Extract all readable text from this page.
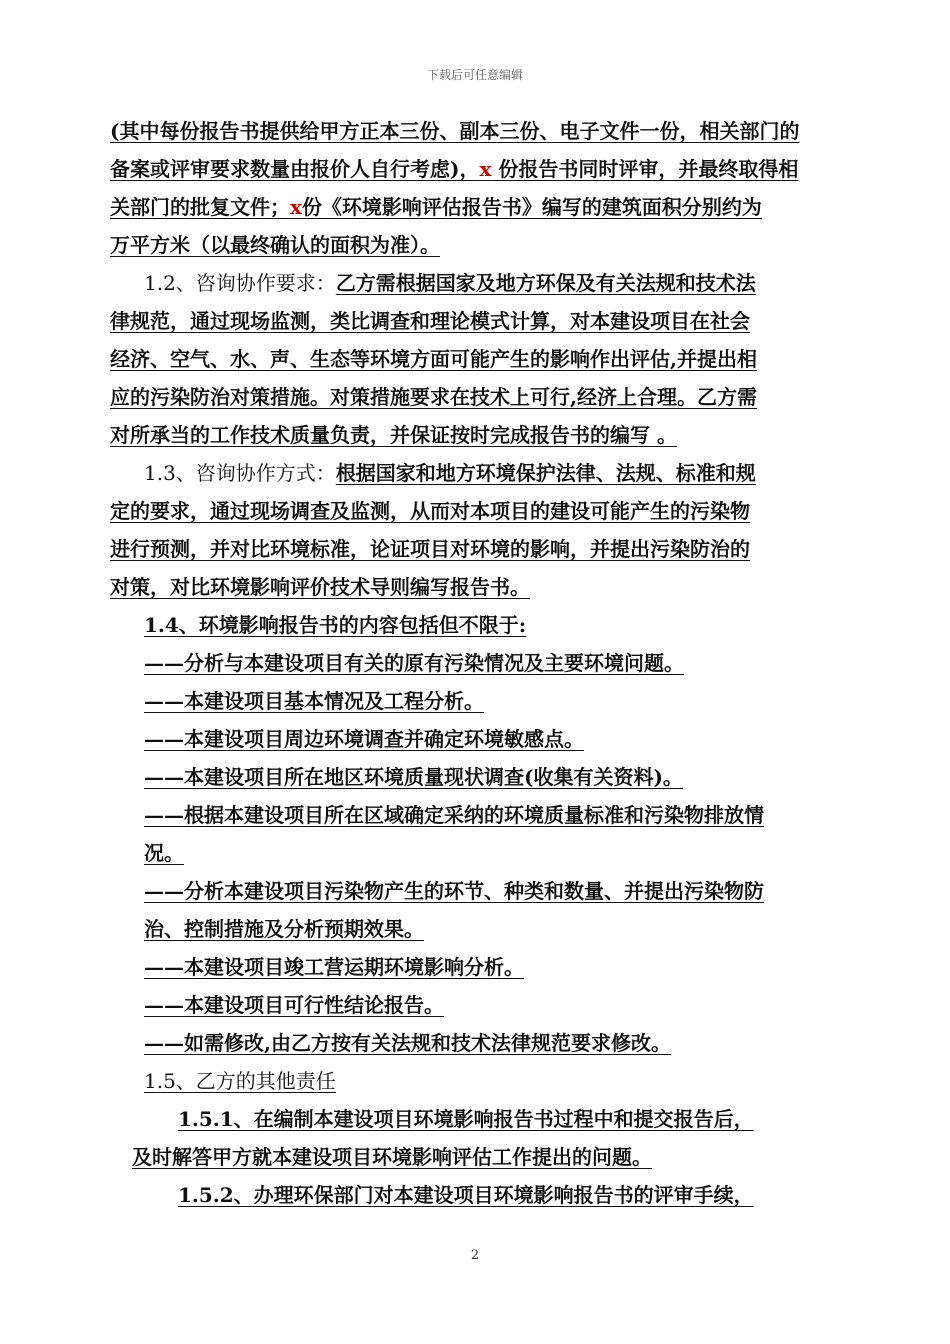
下载后可任意编辑
(其中每份报告书提供给甲方正本三份、副本三份、电子文件一份，相关部门的
备案或评审要求数量由报价人自行考虑)，x 份报告书同时评审，并最终取得相
关部门的批复文件；x份《环境影响评估报告书》编写的建筑面积分别约为
万平方米（以最终确认的面积为准）。
1.2、咨询协作要求：乙方需根据国家及地方环保及有关法规和技术法
律规范，通过现场监测，类比调查和理论模式计算，对本建设项目在社会
经济、空气、水、声、生态等环境方面可能产生的影响作出评估,并提出相
应的污染防治对策措施。对策措施要求在技术上可行,经济上合理。乙方需
对所承当的工作技术质量负责，并保证按时完成报告书的编写 。
1.3、咨询协作方式：根据国家和地方环境保护法律、法规、标准和规
定的要求，通过现场调查及监测，从而对本项目的建设可能产生的污染物
进行预测，并对比环境标准，论证项目对环境的影响，并提出污染防治的
对策，对比环境影响评价技术导则编写报告书。
1.4、环境影响报告书的内容包括但不限于:
——分析与本建设项目有关的原有污染情况及主要环境问题。
——本建设项目基本情况及工程分析。
——本建设项目周边环境调查并确定环境敏感点。
——本建设项目所在地区环境质量现状调查(收集有关资料)。
——根据本建设项目所在区域确定采纳的环境质量标准和污染物排放情
况。
——分析本建设项目污染物产生的环节、种类和数量、并提出污染物防
治、控制措施及分析预期效果。
——本建设项目竣工营运期环境影响分析。
——本建设项目可行性结论报告。
——如需修改,由乙方按有关法规和技术法律规范要求修改。
1.5、乙方的其他责任
1.5.1、在编制本建设项目环境影响报告书过程中和提交报告后，
及时解答甲方就本建设项目环境影响评估工作提出的问题。
1.5.2、办理环保部门对本建设项目环境影响报告书的评审手续，
2
